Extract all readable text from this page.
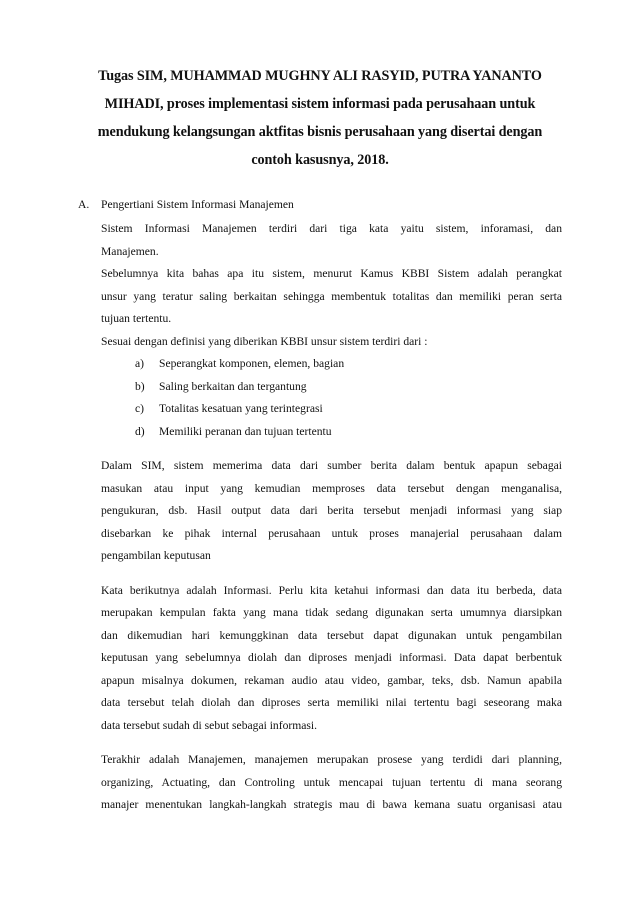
Tugas SIM, MUHAMMAD MUGHNY ALI RASYID, PUTRA YANANTO
MIHADI, proses implementasi sistem informasi pada perusahaan untuk
mendukung kelangsungan aktfitas bisnis perusahaan yang disertai dengan
contoh kasusnya, 2018.
A.	Pengertiani Sistem Informasi Manajemen

Sistem Informasi Manajemen terdiri dari tiga kata yaitu sistem, inforamasi, dan
Manajemen.

Sebelumnya kita bahas apa itu sistem, menurut Kamus KBBI Sistem adalah perangkat
unsur yang teratur saling berkaitan sehingga membentuk totalitas dan memiliki peran serta
tujuan tertentu.

Sesuai dengan definisi yang diberikan KBBI unsur sistem terdiri dari :

a)	Seperangkat komponen, elemen, bagian
b)	Saling berkaitan dan tergantung
c)	Totalitas kesatuan yang terintegrasi
d)	Memiliki peranan dan tujuan tertentu

Dalam SIM, sistem memerima data dari sumber berita dalam bentuk apapun sebagai
masukan atau input yang kemudian memproses data tersebut dengan menganalisa,
pengukuran, dsb. Hasil output data dari berita tersebut menjadi informasi yang siap
disebarkan ke pihak internal perusahaan untuk proses manajerial perusahaan dalam
pengambilan keputusan

Kata berikutnya adalah Informasi. Perlu kita ketahui informasi dan data itu berbeda, data
merupakan kempulan fakta yang mana tidak sedang digunakan serta umumnya diarsipkan
dan dikemudian hari kemunggkinan data tersebut dapat digunakan untuk pengambilan
keputusan yang sebelumnya diolah dan diproses menjadi informasi. Data dapat berbentuk
apapun misalnya dokumen, rekaman audio atau video, gambar, teks, dsb. Namun apabila
data tersebut telah diolah dan diproses serta memiliki nilai tertentu bagi seseorang maka
data tersebut sudah di sebut sebagai informasi.

Terakhir adalah Manajemen, manajemen merupakan prosese yang terdidi dari planning,
organizing, Actuating, dan Controling untuk mencapai tujuan tertentu di mana seorang
manajer menentukan langkah-langkah strategis mau di bawa kemana suatu organisasi atau
